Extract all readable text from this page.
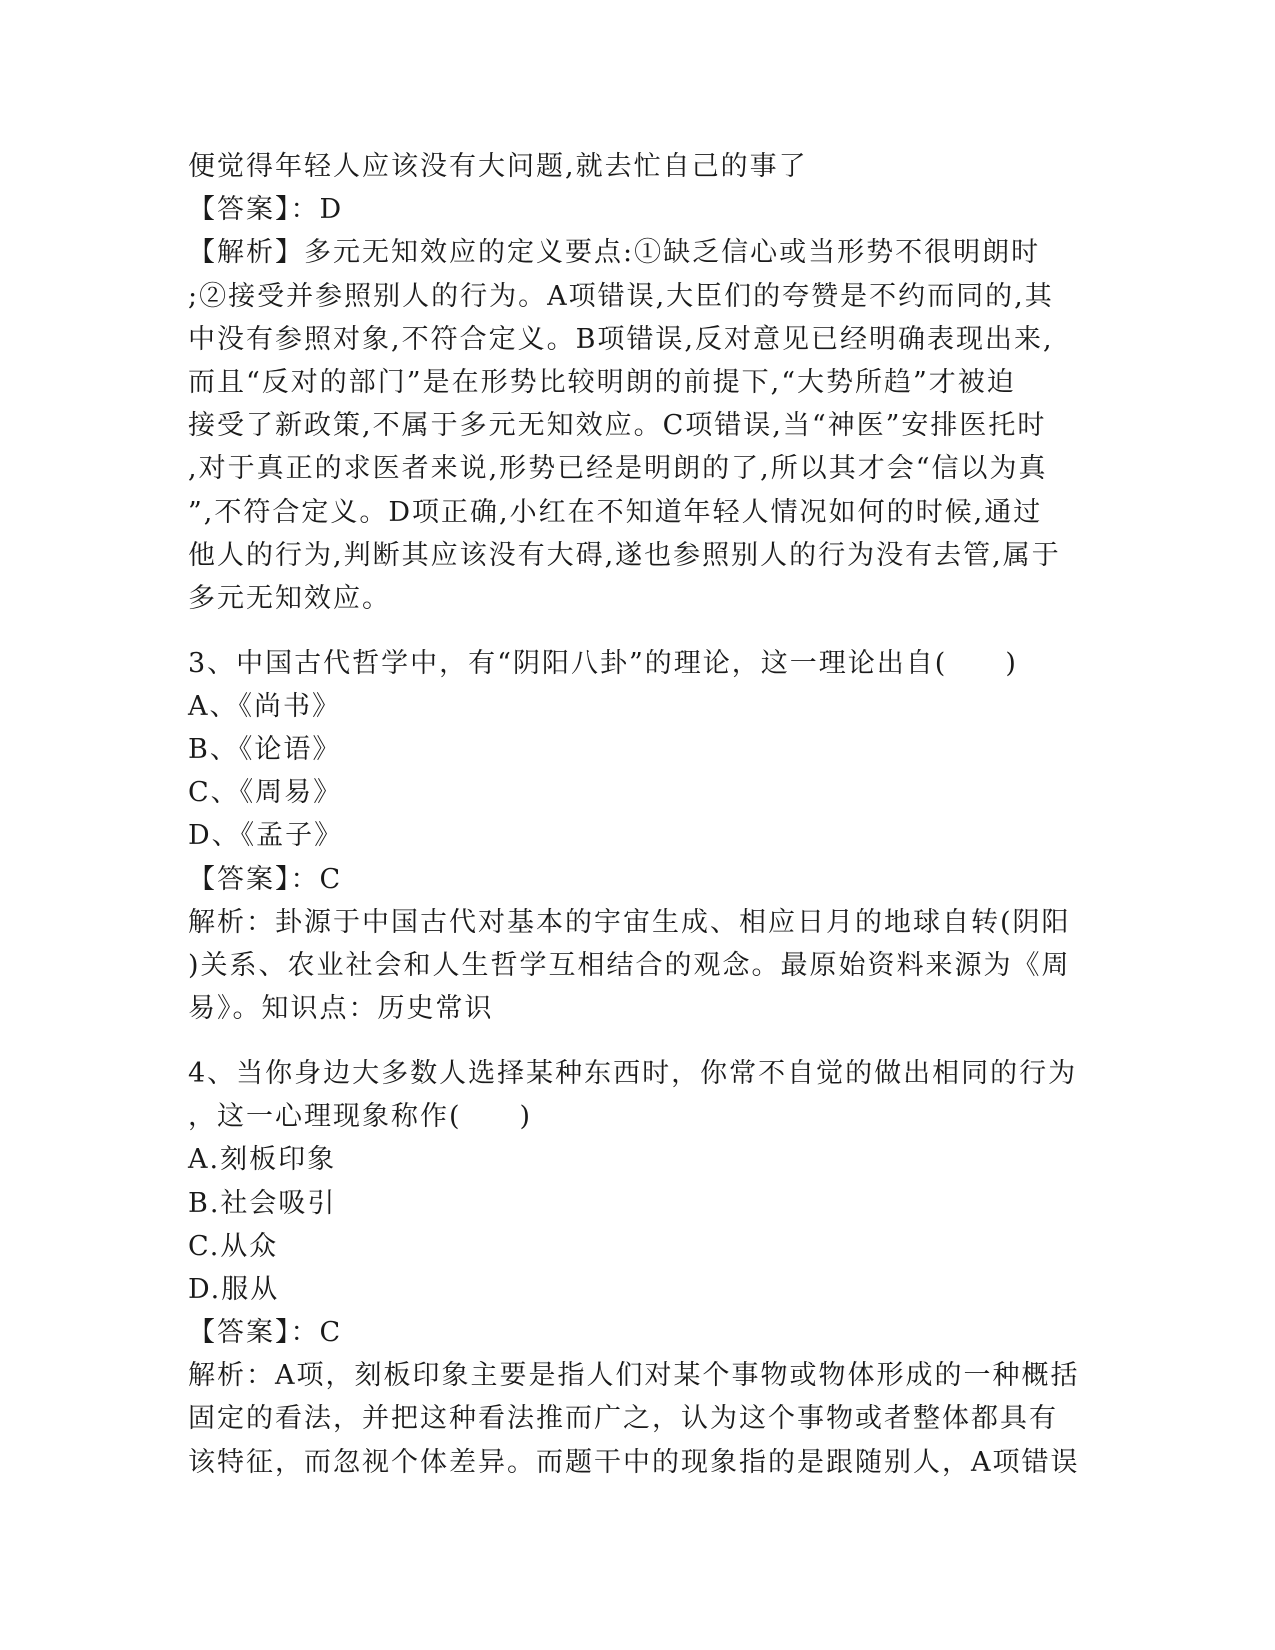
便觉得年轻人应该没有大问题,就去忙自己的事了
【答案】：D
【解析】多元无知效应的定义要点:①缺乏信心或当形势不很明朗时
;②接受并参照别人的行为。A项错误,大臣们的夸赞是不约而同的,其
中没有参照对象,不符合定义。B项错误,反对意见已经明确表现出来,
而且“反对的部门”是在形势比较明朗的前提下,“大势所趋”才被迫
接受了新政策,不属于多元无知效应。C项错误,当“神医”安排医托时
,对于真正的求医者来说,形势已经是明朗的了,所以其才会“信以为真
”,不符合定义。D项正确,小红在不知道年轻人情况如何的时候,通过
他人的行为,判断其应该没有大碍,遂也参照别人的行为没有去管,属于
多元无知效应。
3、中国古代哲学中，有“阴阳八卦”的理论，这一理论出自(　　)
A、《尚书》
B、《论语》
C、《周易》
D、《孟子》
【答案】：C
解析：卦源于中国古代对基本的宇宙生成、相应日月的地球自转(阴阳
)关系、农业社会和人生哲学互相结合的观念。最原始资料来源为《周
易》。知识点：历史常识
4、当你身边大多数人选择某种东西时，你常不自觉的做出相同的行为
，这一心理现象称作(　　)
A.刻板印象
B.社会吸引
C.从众
D.服从
【答案】：C
解析：A项，刻板印象主要是指人们对某个事物或物体形成的一种概括
固定的看法，并把这种看法推而广之，认为这个事物或者整体都具有
该特征，而忽视个体差异。而题干中的现象指的是跟随别人，A项错误
